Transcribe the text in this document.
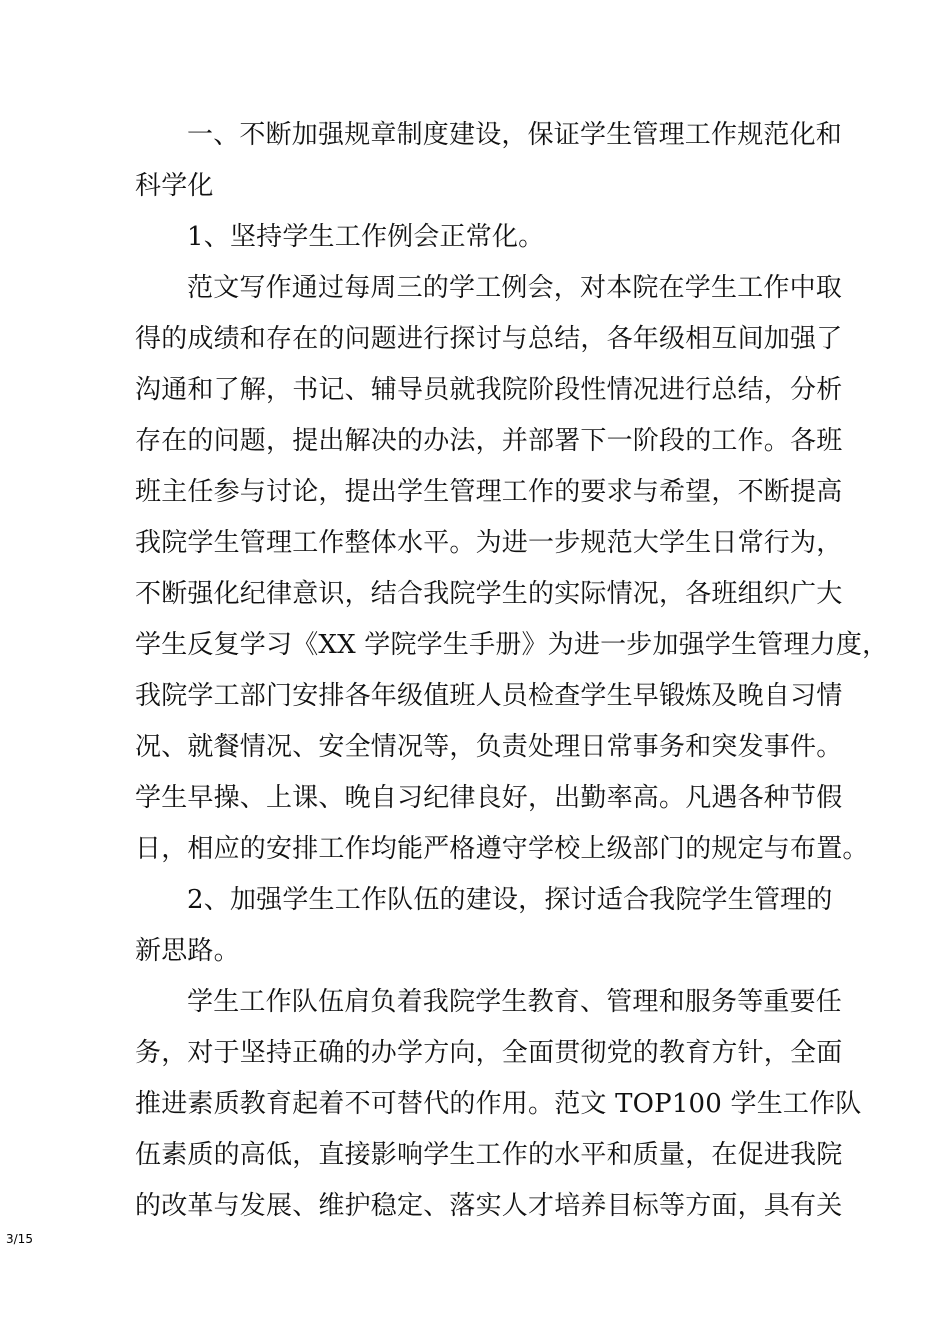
一、不断加强规章制度建设，保证学生管理工作规范化和
科学化
1、坚持学生工作例会正常化。
范文写作通过每周三的学工例会，对本院在学生工作中取
得的成绩和存在的问题进行探讨与总结，各年级相互间加强了
沟通和了解，书记、辅导员就我院阶段性情况进行总结，分析
存在的问题，提出解决的办法，并部署下一阶段的工作。各班
班主任参与讨论，提出学生管理工作的要求与希望，不断提高
我院学生管理工作整体水平。为进一步规范大学生日常行为，
不断强化纪律意识，结合我院学生的实际情况，各班组织广大
学生反复学习《XX 学院学生手册》为进一步加强学生管理力度，
我院学工部门安排各年级值班人员检查学生早锻炼及晚自习情
况、就餐情况、安全情况等，负责处理日常事务和突发事件。
学生早操、上课、晚自习纪律良好，出勤率高。凡遇各种节假
日，相应的安排工作均能严格遵守学校上级部门的规定与布置。
2、加强学生工作队伍的建设，探讨适合我院学生管理的
新思路。
学生工作队伍肩负着我院学生教育、管理和服务等重要任
务，对于坚持正确的办学方向，全面贯彻党的教育方针，全面
推进素质教育起着不可替代的作用。范文 TOP100 学生工作队
伍素质的高低，直接影响学生工作的水平和质量，在促进我院
的改革与发展、维护稳定、落实人才培养目标等方面，具有关
3/15
